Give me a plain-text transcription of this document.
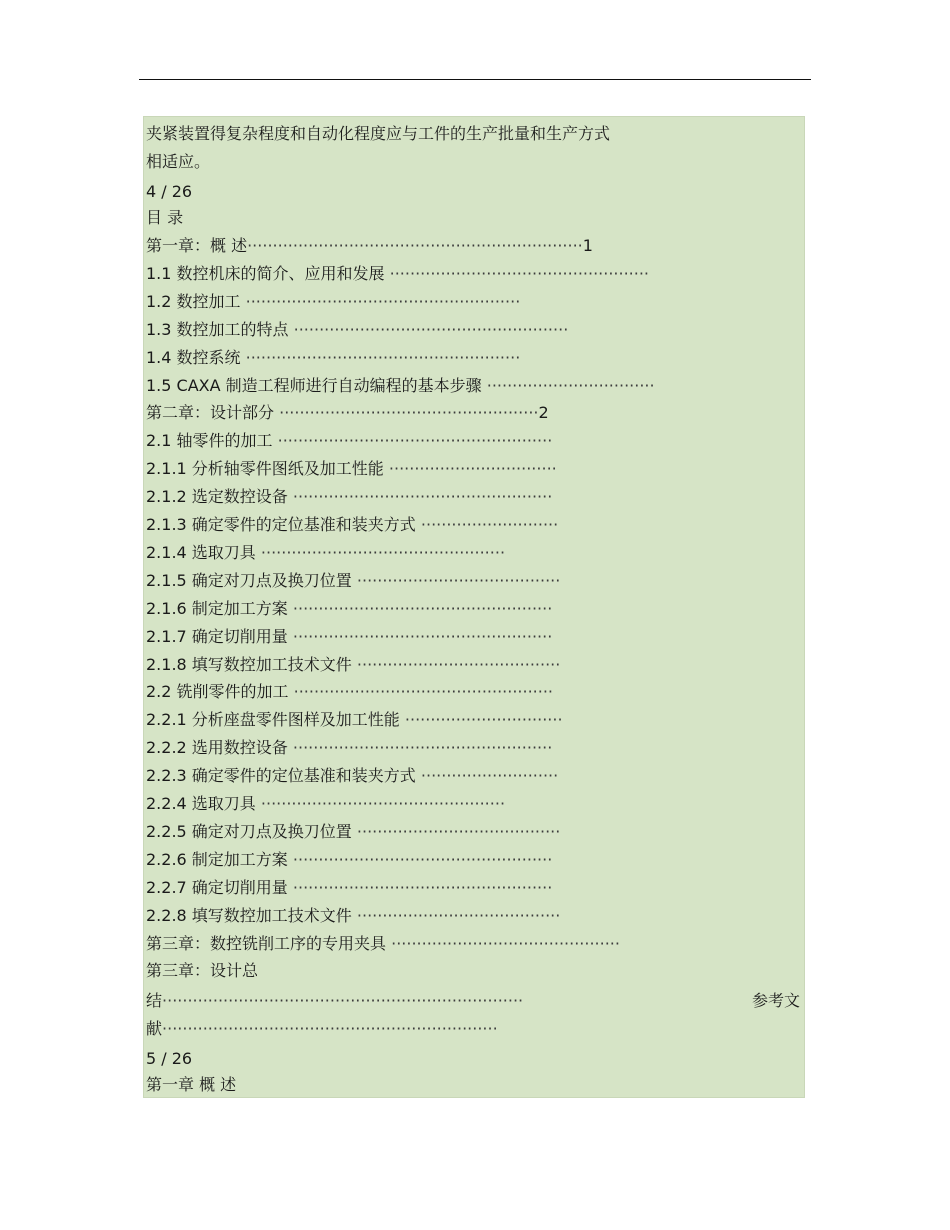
夹紧装置得复杂程度和自动化程度应与工件的生产批量和生产方式
相适应。
4 / 26
目 录
第一章：概 述··································································1
1.1 数控机床的简介、应用和发展 ···················································
1.2 数控加工 ······················································
1.3 数控加工的特点 ······················································
1.4 数控系统 ······················································
1.5 CAXA 制造工程师进行自动编程的基本步骤 ·································
第二章：设计部分 ···················································2
2.1 轴零件的加工 ······················································
2.1.1 分析轴零件图纸及加工性能 ·································
2.1.2 选定数控设备 ···················································
2.1.3 确定零件的定位基准和装夹方式 ···························
2.1.4 选取刀具 ················································
2.1.5 确定对刀点及换刀位置 ········································
2.1.6 制定加工方案 ···················································
2.1.7 确定切削用量 ···················································
2.1.8 填写数控加工技术文件 ········································
2.2 铣削零件的加工 ···················································
2.2.1 分析座盘零件图样及加工性能 ·······························
2.2.2 选用数控设备 ···················································
2.2.3 确定零件的定位基准和装夹方式 ···························
2.2.4 选取刀具 ················································
2.2.5 确定对刀点及换刀位置 ········································
2.2.6 制定加工方案 ···················································
2.2.7 确定切削用量 ···················································
2.2.8 填写数控加工技术文件 ········································
第三章：数控铣削工序的专用夹具 ·············································
第三章：设计总
结·······································································	参考文
献··································································
5 / 26
第一章 概 述
